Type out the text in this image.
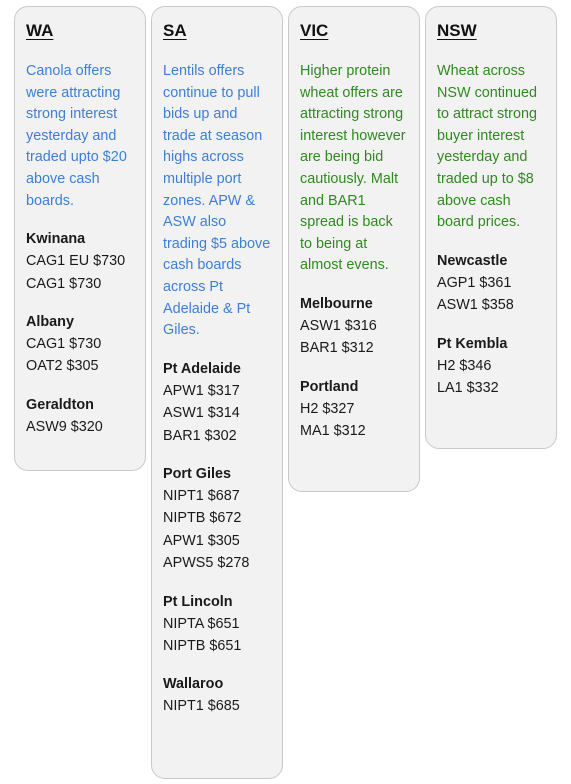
WA
Canola offers were attracting strong interest yesterday and traded upto $20 above cash boards.
Kwinana
CAG1 EU $730
CAG1 $730
Albany
CAG1 $730
OAT2 $305
Geraldton
ASW9 $320
SA
Lentils offers continue to pull bids up and trade at season highs across multiple port zones. APW & ASW also trading $5 above cash boards across Pt Adelaide & Pt Giles.
Pt Adelaide
APW1 $317
ASW1 $314
BAR1 $302
Port Giles
NIPT1 $687
NIPTB $672
APW1 $305
APWS5 $278
Pt Lincoln
NIPTA $651
NIPTB $651
Wallaroo
NIPT1 $685
VIC
Higher protein wheat offers are attracting strong interest however are being bid cautiously. Malt and BAR1 spread is back to being at almost evens.
Melbourne
ASW1 $316
BAR1 $312
Portland
H2 $327
MA1 $312
NSW
Wheat across NSW continued to attract strong buyer interest yesterday and traded up to $8 above cash board prices.
Newcastle
AGP1 $361
ASW1 $358
Pt Kembla
H2 $346
LA1 $332
